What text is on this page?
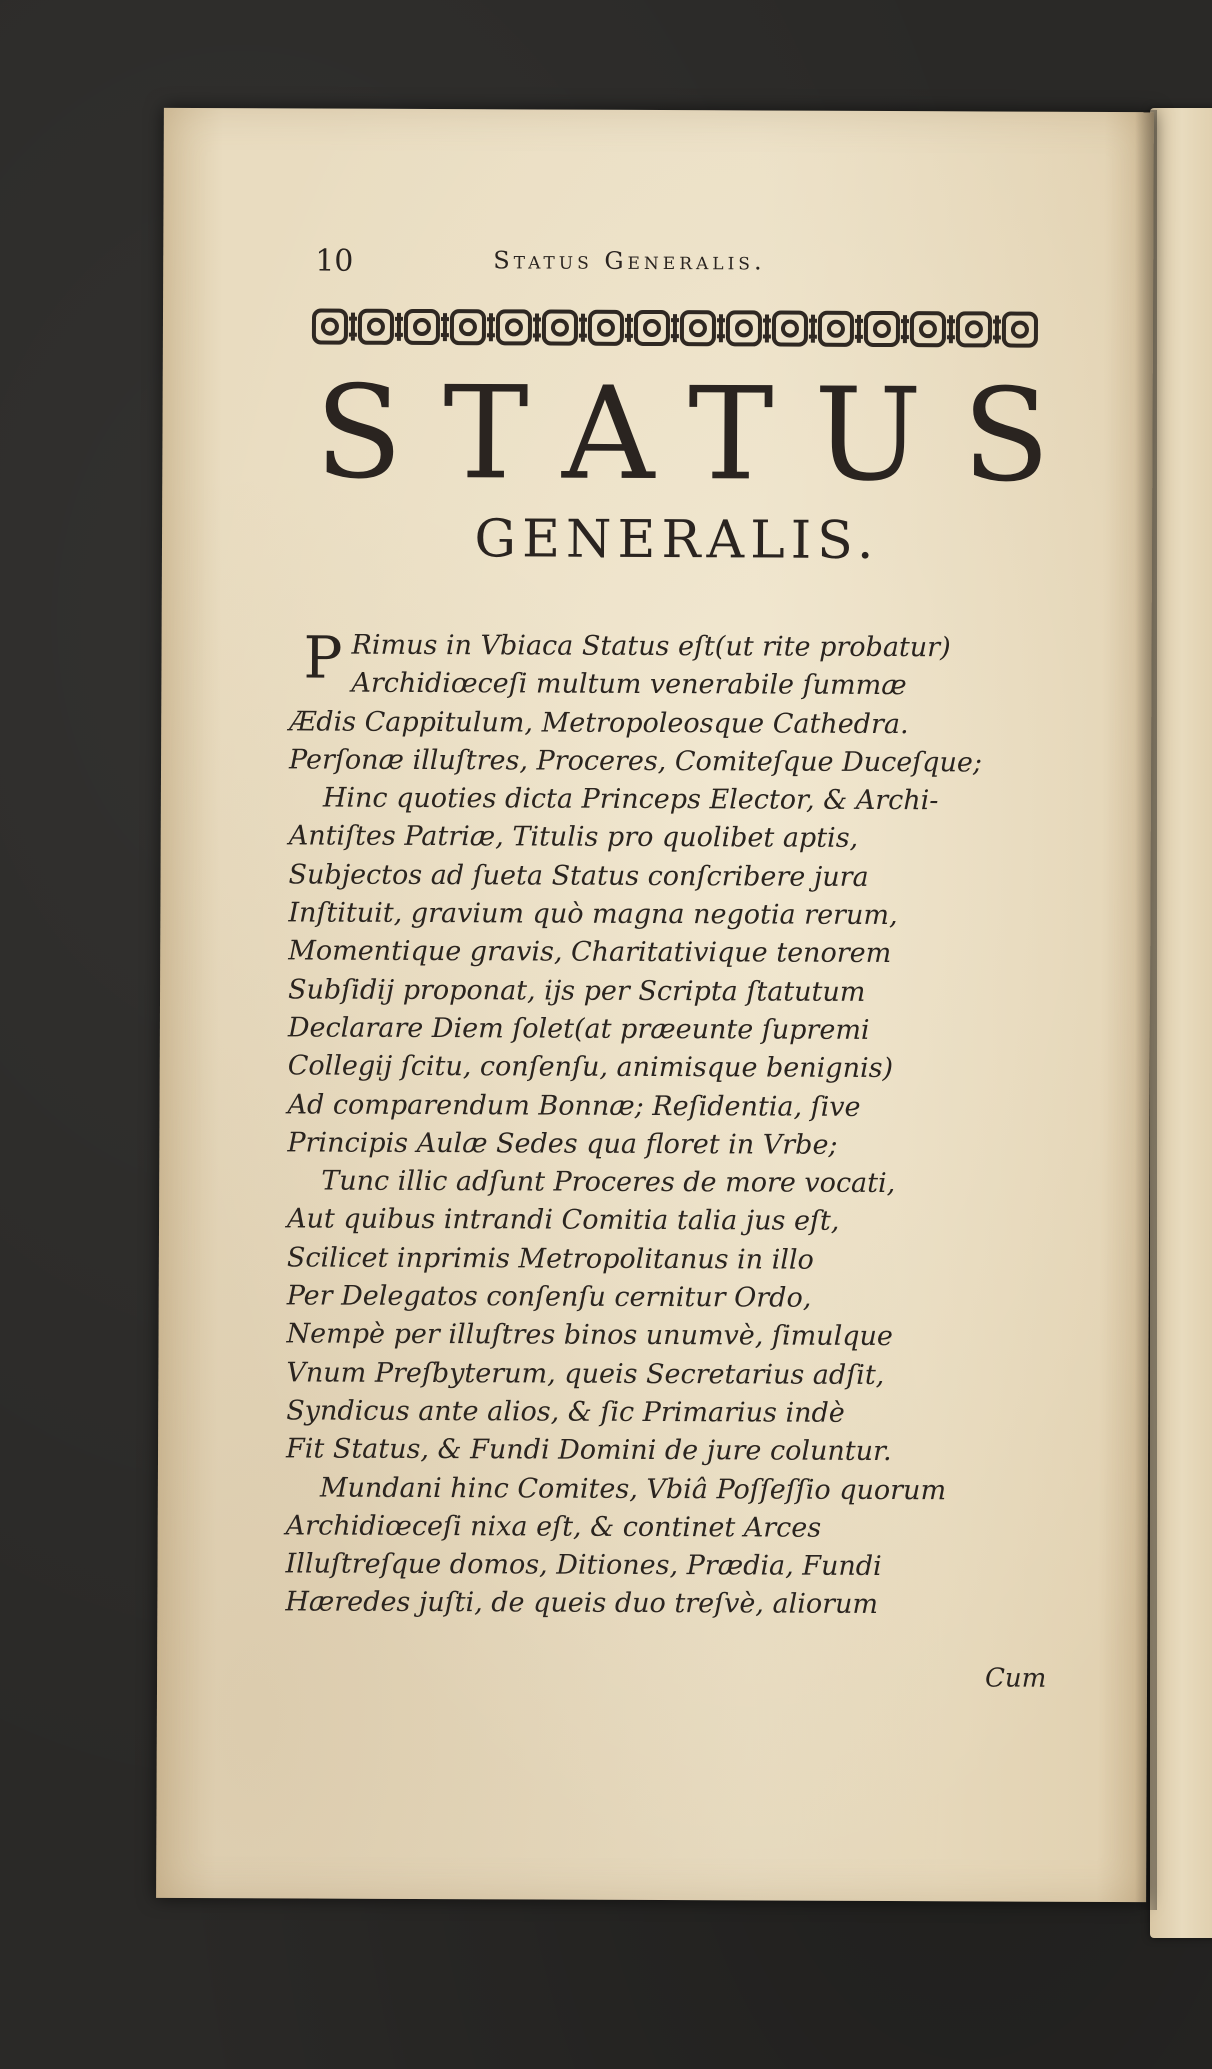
10	Status Generalis.
STATUS
GENERALIS.
P Rimus in Vbiaca Status eſt(ut rite probatur)
Archidiœceſi multum venerabile ſummæ
Ædis Cappitulum, Metropoleosque Cathedra.
Perſonæ illuſtres, Proceres, Comiteſque Duceſque;
Hinc quoties dicta Princeps Elector, & Archi-
Antiſtes Patriæ, Titulis pro quolibet aptis,
Subjectos ad ſueta Status conſcribere jura
Inſtituit, gravium quò magna negotia rerum,
Momentique gravis, Charitativique tenorem
Subſidij proponat, ijs per Scripta ſtatutum
Declarare Diem ſolet(at præeunte ſupremi
Collegij ſcitu, conſenſu, animisque benignis)
Ad comparendum Bonnæ; Reſidentia, ſive
Principis Aulæ Sedes qua floret in Vrbe;
Tunc illic adſunt Proceres de more vocati,
Aut quibus intrandi Comitia talia jus eſt,
Scilicet inprimis Metropolitanus in illo
Per Delegatos conſenſu cernitur Ordo,
Nempè per illuſtres binos unumvè, ſimulque
Vnum Preſbyterum, queis Secretarius adſit,
Syndicus ante alios, & ſic Primarius indè
Fit Status, & Fundi Domini de jure coluntur.
Mundani hinc Comites, Vbiâ Poſſeſſio quorum
Archidiœceſi nixa eſt, & continet Arces
Illuſtreſque domos, Ditiones, Prædia, Fundi
Hæredes juſti, de queis duo treſvè, aliorum
Cum
